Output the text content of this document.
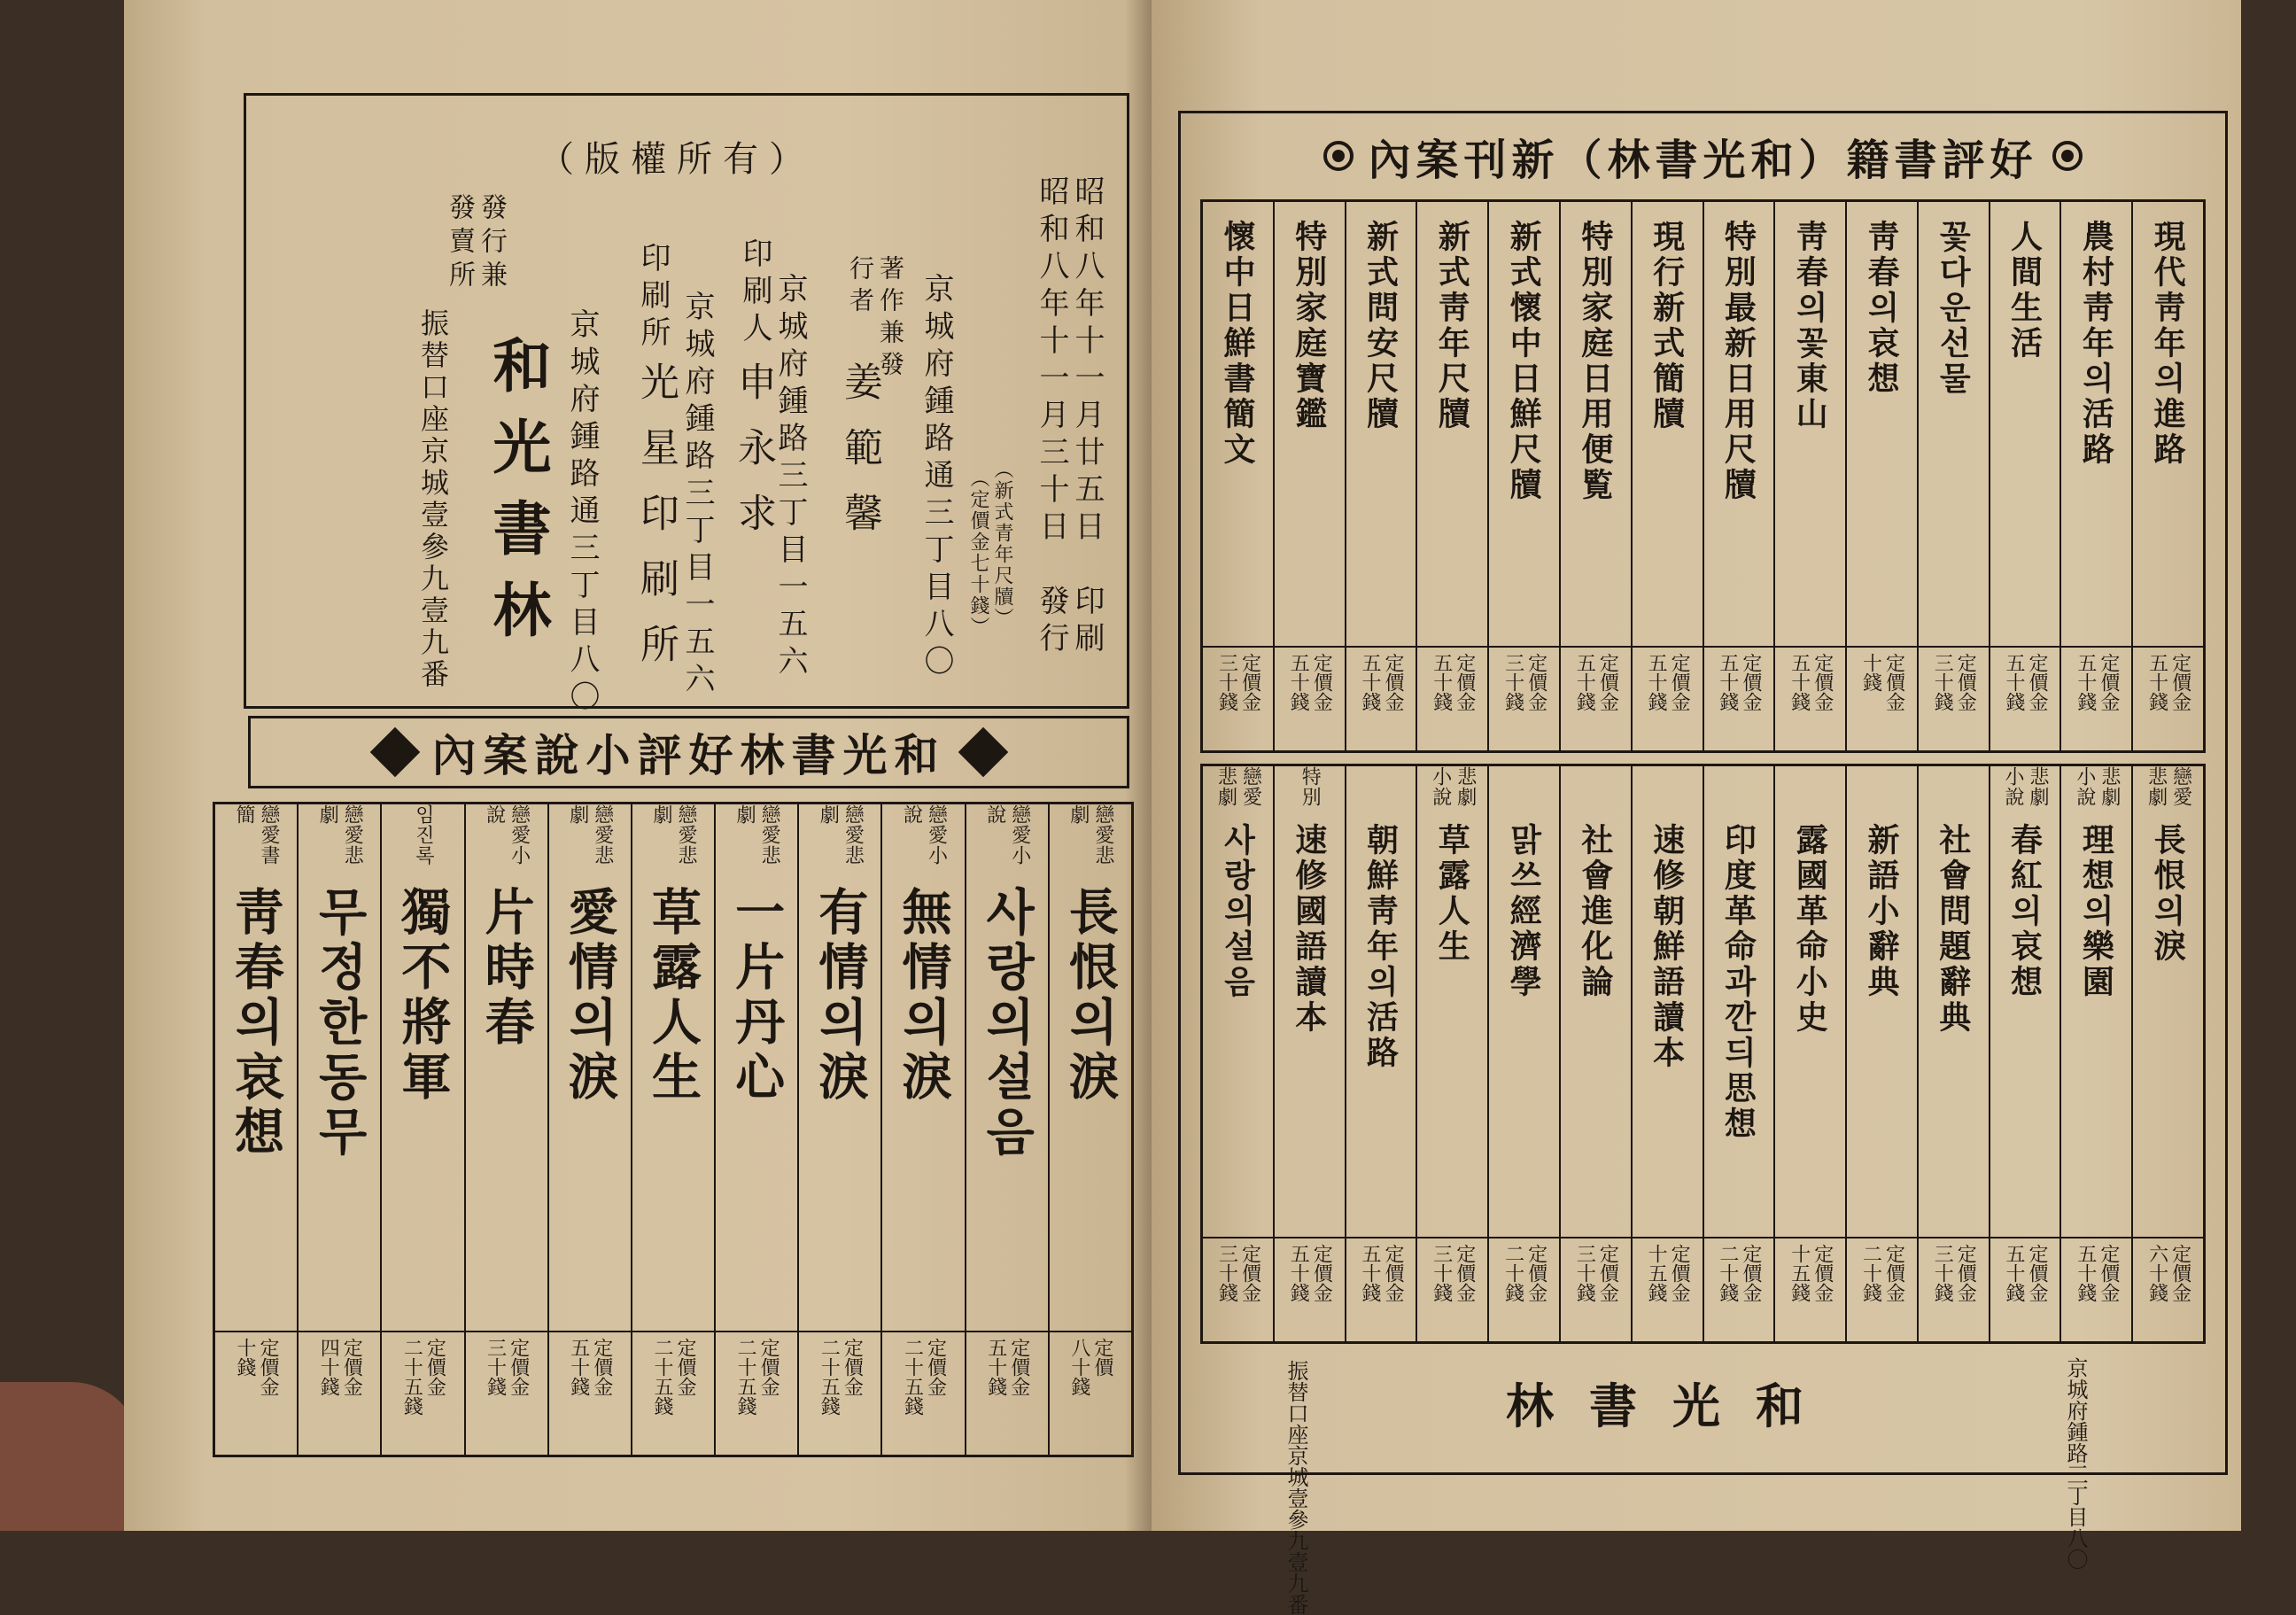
（版權所有）
昭和八年十一月廿五日　印刷
昭和八年十一月三十日　發行
（新式青年尺牘）
（定價金七十錢）
京城府鍾路通三丁目八〇
著作兼發行者
姜範馨
京城府鍾路三丁目一五六
印刷人
申永求
京城府鍾路三丁目一五六
印刷所
光星印刷所
京城府鍾路通三丁目八〇
發行兼發賣所
和光書林
振替口座京城壹參九壹九番
和光書林好評小說案內
戀愛悲劇
長恨의淚
定價
八十錢
戀愛小說
사랑의설음
定價金
五十錢
戀愛小說
無情의淚
定價金
二十五錢
戀愛悲劇
有情의淚
定價金
二十五錢
戀愛悲劇
一片丹心
定價金
二十五錢
戀愛悲劇
草露人生
定價金
二十五錢
戀愛悲劇
愛情의淚
定價金
五十錢
戀愛小說
片時春
定價金
三十錢
임진록
獨不將軍
定價金
二十五錢
戀愛悲劇
무정한동무
定價金
四十錢
戀愛書簡
靑春의哀想
定價金
十錢
好評書籍（和光書林）新刊案內
現代靑年의進路
定價金
五十錢
農村靑年의活路
定價金
五十錢
人間生活
定價金
五十錢
꽃다운선물
定價金
三十錢
靑春의哀想
定價金
十錢
靑春의꽃東山
定價金
五十錢
特別最新日用尺牘
定價金
五十錢
現行新式簡牘
定價金
五十錢
特別家庭日用便覧
定價金
五十錢
新式懷中日鮮尺牘
定價金
三十錢
新式靑年尺牘
定價金
五十錢
新式問安尺牘
定價金
五十錢
特別家庭寶鑑
定價金
五十錢
懷中日鮮書簡文
定價金
三十錢
戀愛悲劇
長恨의淚
定價金
六十錢
悲劇小說
理想의樂園
定價金
五十錢
悲劇小說
春紅의哀想
定價金
五十錢
社會問題辭典
定價金
三十錢
新語小辭典
定價金
二十錢
露國革命小史
定價金
十五錢
印度革命과깐듸思想
定價金
二十錢
速修朝鮮語讀本
定價金
十五錢
社會進化論
定價金
三十錢
맑쓰經濟學
定價金
二十錢
悲劇小說
草露人生
定價金
三十錢
朝鮮靑年의活路
定價金
五十錢
特別
速修國語讀本
定價金
五十錢
戀愛悲劇
사랑의설음
定價金
三十錢
京城府鍾路三丁目八〇
和光書林
振替口座京城壹參九壹九番
